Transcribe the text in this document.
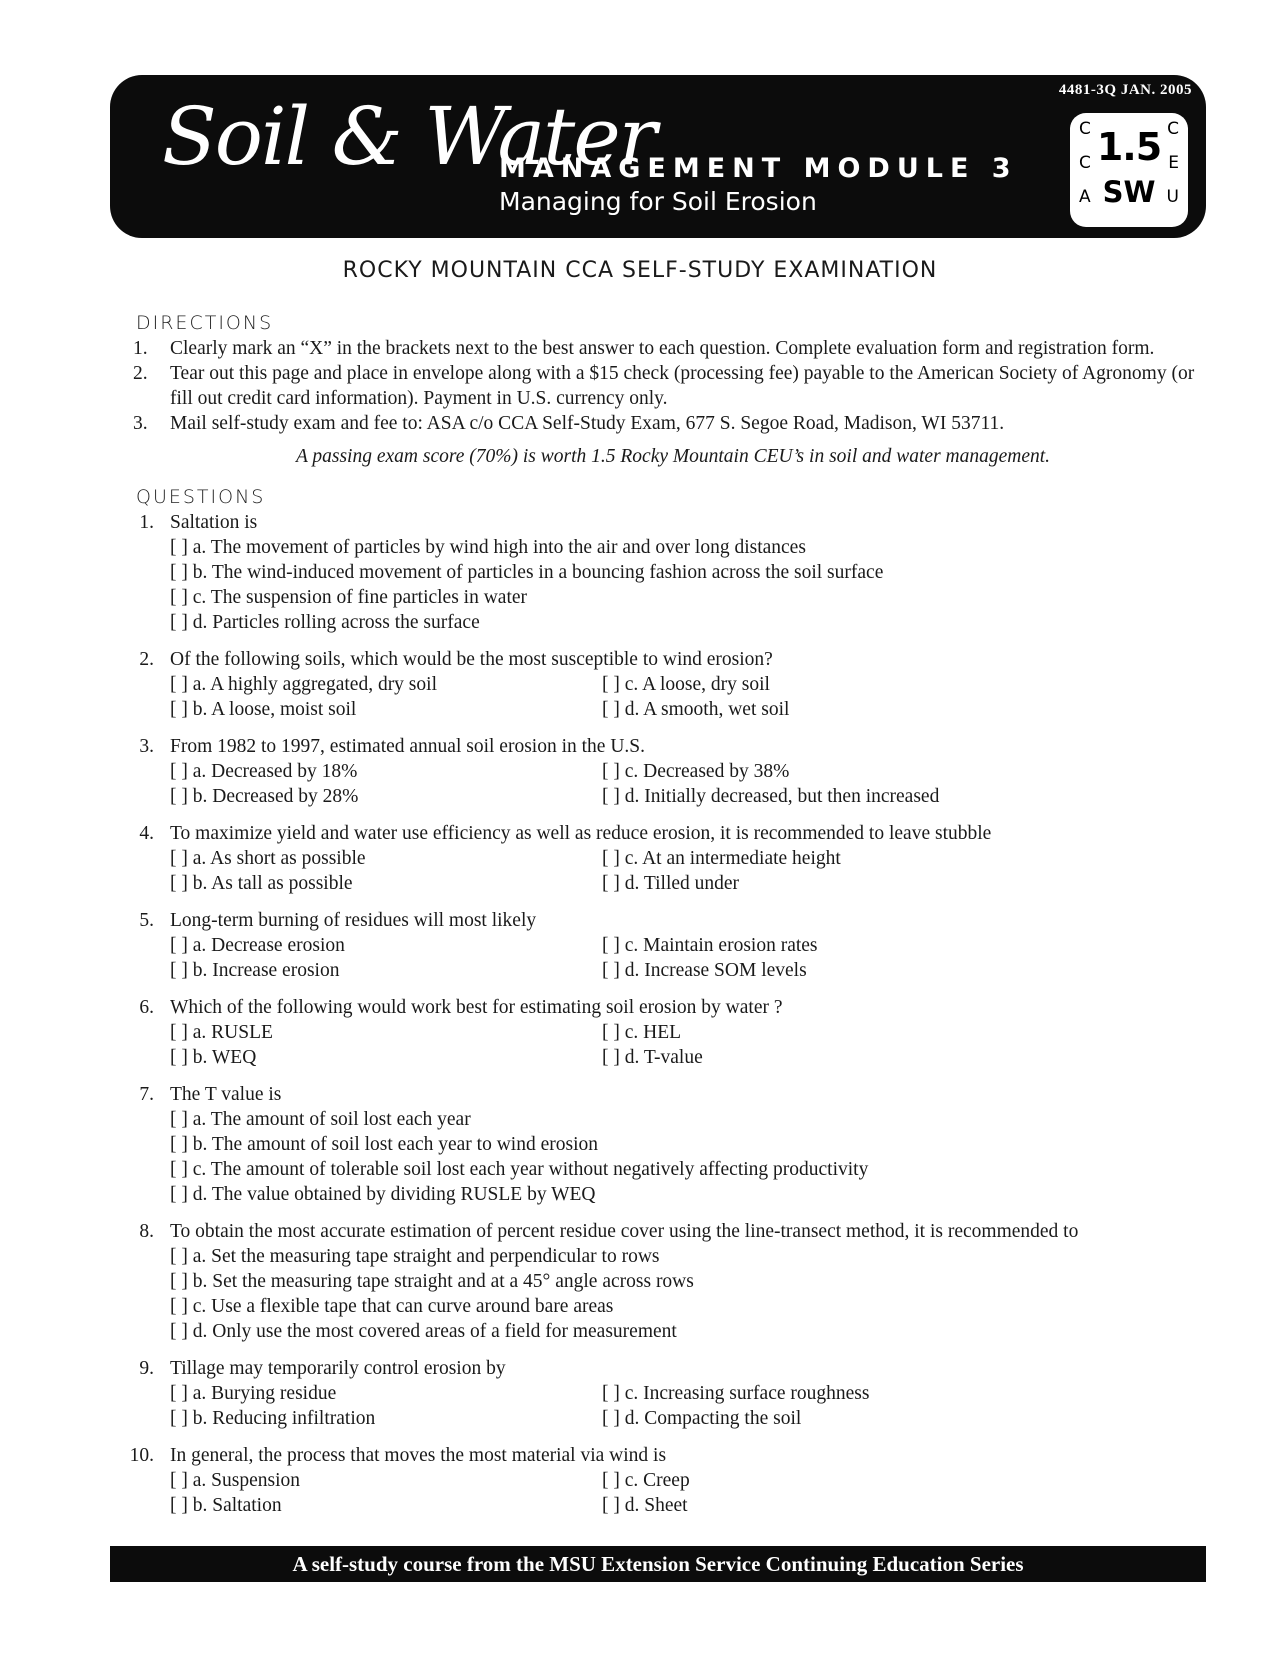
4481-3Q JAN. 2005
Soil & Water
MANAGEMENT MODULE 3
Managing for Soil Erosion
C
C
A
C
E
U
1.5
SW
ROCKY MOUNTAIN CCA SELF-STUDY EXAMINATION
DIRECTIONS
1. Clearly mark an “X” in the brackets next to the best answer to each question. Complete evaluation form and registration form.
2. Tear out this page and place in envelope along with a $15 check (processing fee) payable to the American Society of Agronomy (or fill out credit card information). Payment in U.S. currency only.
3. Mail self-study exam and fee to: ASA c/o CCA Self-Study Exam, 677 S. Segoe Road, Madison, WI 53711.
A passing exam score (70%) is worth 1.5 Rocky Mountain CEU’s in soil and water management.
QUESTIONS
1. Saltation is
[ ] a. The movement of particles by wind high into the air and over long distances
[ ] b. The wind-induced movement of particles in a bouncing fashion across the soil surface
[ ] c. The suspension of fine particles in water
[ ] d. Particles rolling across the surface
2. Of the following soils, which would be the most susceptible to wind erosion?
[ ] a. A highly aggregated, dry soil	[ ] c. A loose, dry soil
[ ] b. A loose, moist soil	[ ] d. A smooth, wet soil
3. From 1982 to 1997, estimated annual soil erosion in the U.S.
[ ] a. Decreased by 18%	[ ] c. Decreased by 38%
[ ] b. Decreased by 28%	[ ] d. Initially decreased, but then increased
4. To maximize yield and water use efficiency as well as reduce erosion, it is recommended to leave stubble
[ ] a. As short as possible	[ ] c. At an intermediate height
[ ] b. As tall as possible	[ ] d. Tilled under
5. Long-term burning of residues will most likely
[ ] a. Decrease erosion	[ ] c. Maintain erosion rates
[ ] b. Increase erosion	[ ] d. Increase SOM levels
6. Which of the following would work best for estimating soil erosion by water ?
[ ] a. RUSLE	[ ] c. HEL
[ ] b. WEQ	[ ] d. T-value
7. The T value is
[ ] a. The amount of soil lost each year
[ ] b. The amount of soil lost each year to wind erosion
[ ] c. The amount of tolerable soil lost each year without negatively affecting productivity
[ ] d. The value obtained by dividing RUSLE by WEQ
8. To obtain the most accurate estimation of percent residue cover using the line-transect method, it is recommended to
[ ] a. Set the measuring tape straight and perpendicular to rows
[ ] b. Set the measuring tape straight and at a 45° angle across rows
[ ] c. Use a flexible tape that can curve around bare areas
[ ] d. Only use the most covered areas of a field for measurement
9. Tillage may temporarily control erosion by
[ ] a. Burying residue	[ ] c. Increasing surface roughness
[ ] b. Reducing infiltration	[ ] d. Compacting the soil
10. In general, the process that moves the most material via wind is
[ ] a. Suspension	[ ] c. Creep
[ ] b. Saltation	[ ] d. Sheet
A self-study course from the MSU Extension Service Continuing Education Series
